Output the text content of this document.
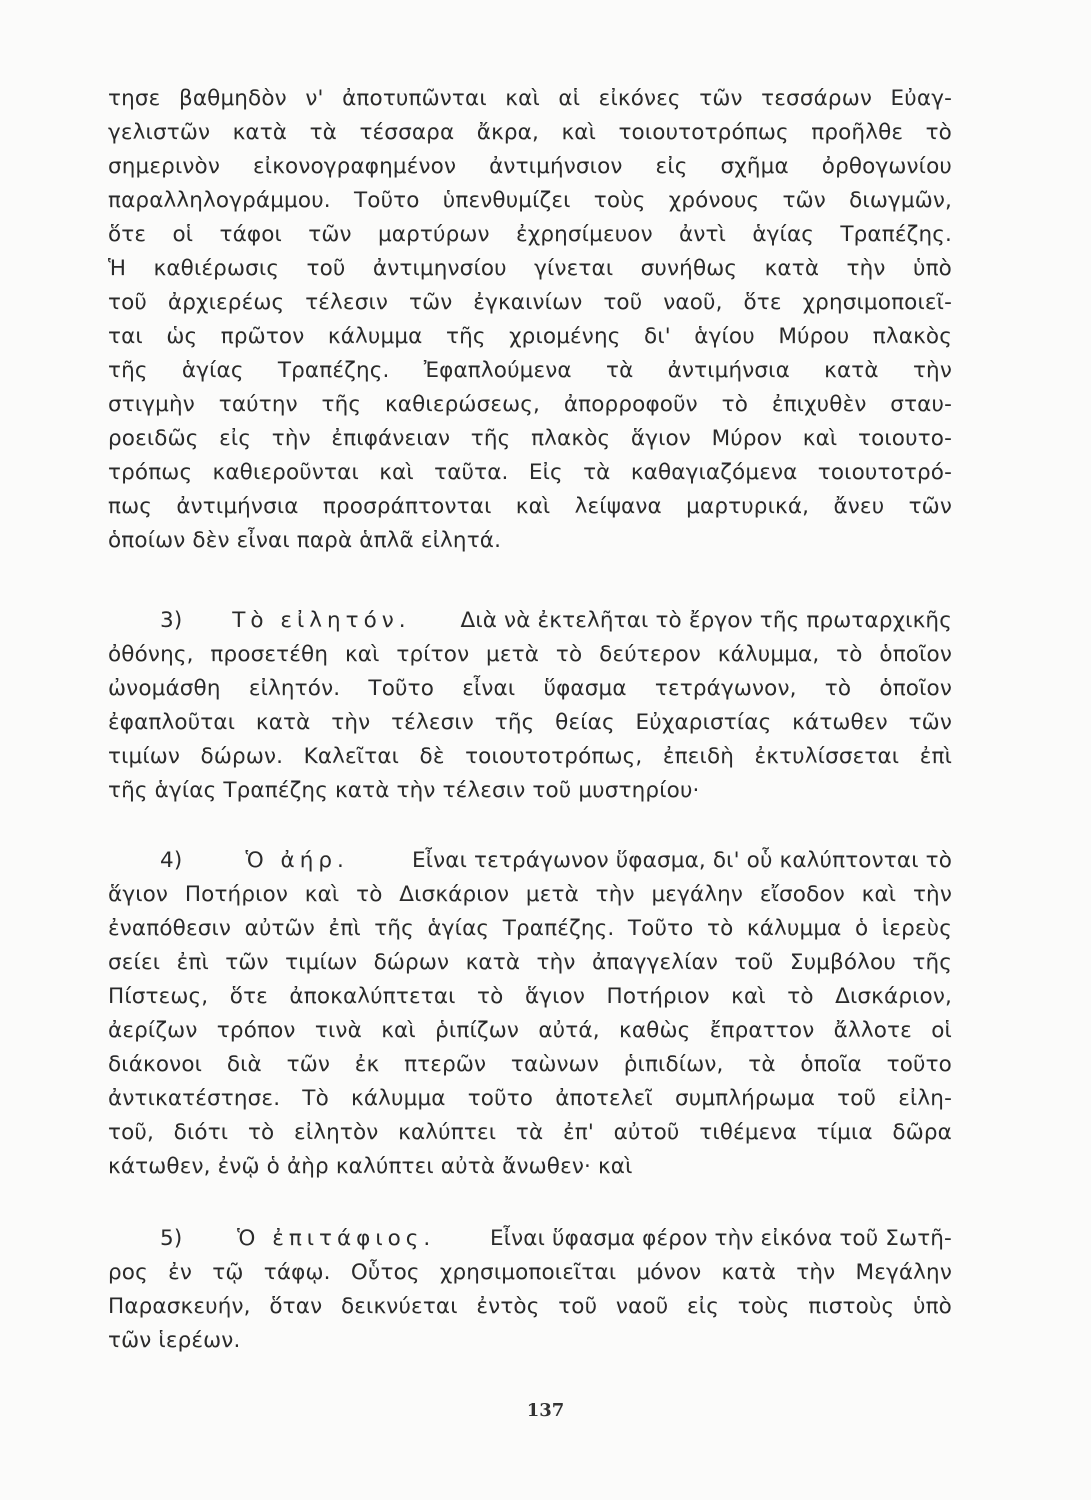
τησε βαθμηδὸν ν' ἀποτυπῶνται καὶ αἱ εἰκόνες τῶν τεσσάρων Εὐαγ-
γελιστῶν κατὰ τὰ τέσσαρα ἄκρα, καὶ τοιουτοτρόπως προῆλθε τὸ
σημερινὸν εἰκονογραφημένον ἀντιμήνσιον εἰς σχῆμα ὀρθογωνίου
παραλληλογράμμου. Τοῦτο ὑπενθυμίζει τοὺς χρόνους τῶν διωγμῶν,
ὅτε οἱ τάφοι τῶν μαρτύρων ἐχρησίμευον ἀντὶ ἁγίας Τραπέζης.
Ἡ καθιέρωσις τοῦ ἀντιμηνσίου γίνεται συνήθως κατὰ τὴν ὑπὸ
τοῦ ἀρχιερέως τέλεσιν τῶν ἐγκαινίων τοῦ ναοῦ, ὅτε χρησιμοποιεῖ-
ται ὡς πρῶτον κάλυμμα τῆς χριομένης δι' ἁγίου Μύρου πλακὸς
τῆς ἁγίας Τραπέζης. Ἐφαπλούμενα τὰ ἀντιμήνσια κατὰ τὴν
στιγμὴν ταύτην τῆς καθιερώσεως, ἀπορροφοῦν τὸ ἐπιχυθὲν σταυ-
ροειδῶς εἰς τὴν ἐπιφάνειαν τῆς πλακὸς ἅγιον Μύρον καὶ τοιουτο-
τρόπως καθιεροῦνται καὶ ταῦτα. Εἰς τὰ καθαγιαζόμενα τοιουτοτρό-
πως ἀντιμήνσια προσράπτονται καὶ λείψανα μαρτυρικά, ἄνευ τῶν
ὁποίων δὲν εἶναι παρὰ ἁπλᾶ εἰλητά.
3) Τὸ εἰλητόν. Διὰ νὰ ἐκτελῆται τὸ ἔργον τῆς πρωταρχικῆς
ὀθόνης, προσετέθη καὶ τρίτον μετὰ τὸ δεύτερον κάλυμμα, τὸ ὁποῖον
ὠνομάσθη εἰλητόν. Τοῦτο εἶναι ὕφασμα τετράγωνον, τὸ ὁποῖον
ἐφαπλοῦται κατὰ τὴν τέλεσιν τῆς θείας Εὐχαριστίας κάτωθεν τῶν
τιμίων δώρων. Καλεῖται δὲ τοιουτοτρόπως, ἐπειδὴ ἐκτυλίσσεται ἐπὶ
τῆς ἁγίας Τραπέζης κατὰ τὴν τέλεσιν τοῦ μυστηρίου·
4)	Ὁ ἀήρ.	Εἶναι τετράγωνον ὕφασμα, δι' οὗ καλύπτονται τὸ
ἅγιον Ποτήριον καὶ τὸ Δισκάριον μετὰ τὴν μεγάλην εἴσοδον καὶ τὴν
ἐναπόθεσιν αὐτῶν ἐπὶ τῆς ἁγίας Τραπέζης. Τοῦτο τὸ κάλυμμα ὁ ἱερεὺς
σείει ἐπὶ τῶν τιμίων δώρων κατὰ τὴν ἀπαγγελίαν τοῦ Συμβόλου τῆς
Πίστεως, ὅτε ἀποκαλύπτεται τὸ ἅγιον Ποτήριον καὶ τὸ Δισκάριον,
ἀερίζων τρόπον τινὰ καὶ ῥιπίζων αὐτά, καθὼς ἔπραττον ἄλλοτε οἱ
διάκονοι διὰ τῶν ἐκ πτερῶν ταὼνων ῥιπιδίων, τὰ ὁποῖα τοῦτο
ἀντικατέστησε. Τὸ κάλυμμα τοῦτο ἀποτελεῖ συμπλήρωμα τοῦ εἰλη-
τοῦ, διότι τὸ εἰλητὸν καλύπτει τὰ ἐπ' αὐτοῦ τιθέμενα τίμια δῶρα
κάτωθεν, ἐνῷ ὁ ἀὴρ καλύπτει αὐτὰ ἄνωθεν· καὶ
5)	Ὁ ἐπιτάφιος.	Εἶναι ὕφασμα φέρον τὴν εἰκόνα τοῦ Σωτῆ-
ρος ἐν τῷ τάφῳ. Οὗτος χρησιμοποιεῖται μόνον κατὰ τὴν Μεγάλην
Παρασκευήν, ὅταν δεικνύεται ἐντὸς τοῦ ναοῦ εἰς τοὺς πιστοὺς ὑπὸ
τῶν ἱερέων.
137
